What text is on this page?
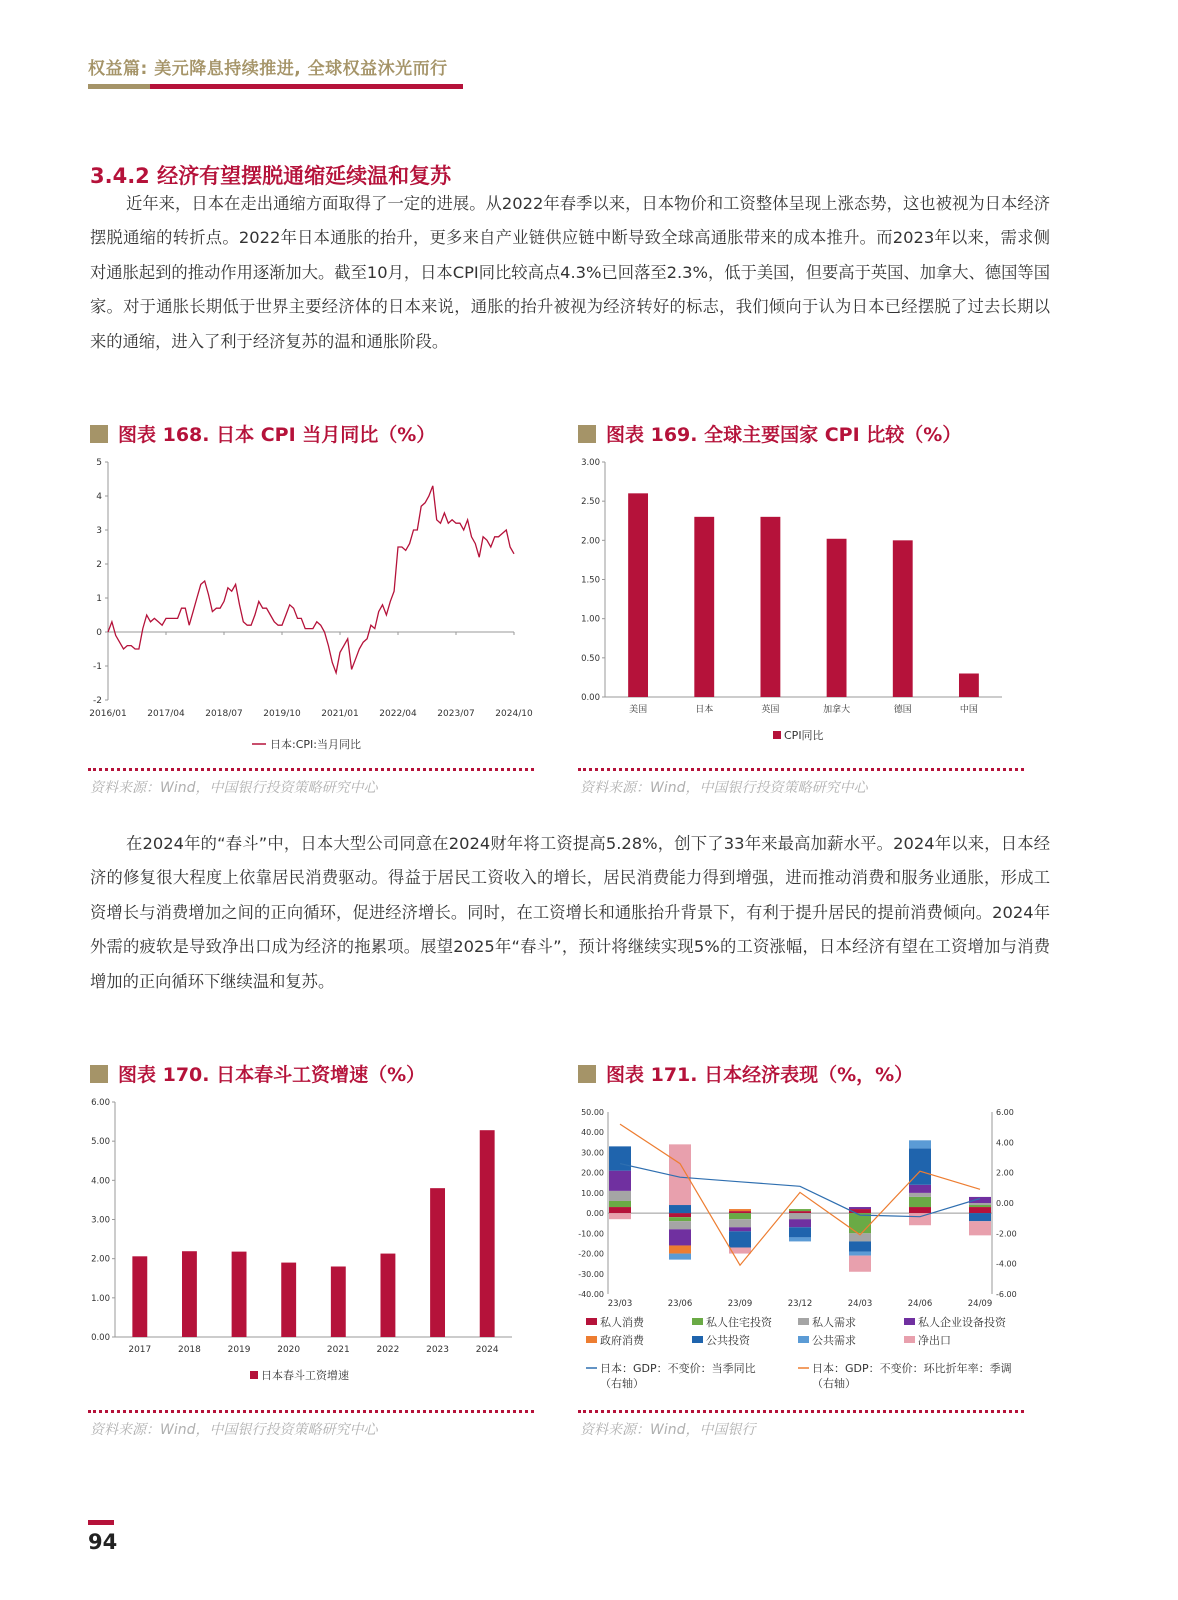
权益篇: 美元降息持续推进, 全球权益沐光而行
3.4.2 经济有望摆脱通缩延续温和复苏

近年来，日本在走出通缩方面取得了一定的进展。从2022年春季以来，日本物价和工资整体呈现上涨态势，这也被视为日本经济摆脱通缩的转折点。2022年日本通胀的抬升，更多来自产业链供应链中断导致全球高通胀带来的成本推升。而2023年以来，需求侧对通胀起到的推动作用逐渐加大。截至10月，日本CPI同比较高点4.3%已回落至2.3%，低于美国，但要高于英国、加拿大、德国等国家。对于通胀长期低于世界主要经济体的日本来说，通胀的抬升被视为经济转好的标志，我们倾向于认为日本已经摆脱了过去长期以来的通缩，进入了利于经济复苏的温和通胀阶段。

图表 168. 日本 CPI 当月同比（%）
5
4
3
2
1
0
-1
-2
2016/01 2017/04 2018/07 2019/10 2021/01 2022/04 2023/07 2024/10
日本:CPI:当月同比
资料来源：Wind，中国银行投资策略研究中心
图表 169. 全球主要国家 CPI 比较（%）
3.00
2.50
2.00
1.50
1.00
0.50
0.00
美国	日本	英国	加拿大	德国	中国
CPI同比
资料来源：Wind，中国银行投资策略研究中心

在2024年的“春斗”中，日本大型公司同意在2024财年将工资提高5.28%，创下了33年来最高加薪水平。2024年以来，日本经济的修复很大程度上依靠居民消费驱动。得益于居民工资收入的增长，居民消费能力得到增强，进而推动消费和服务业通胀，形成工资增长与消费增加之间的正向循环，促进经济增长。同时，在工资增长和通胀抬升背景下，有利于提升居民的提前消费倾向。2024年外需的疲软是导致净出口成为经济的拖累项。展望2025年“春斗”，预计将继续实现5%的工资涨幅，日本经济有望在工资增加与消费增加的正向循环下继续温和复苏。

图表 170. 日本春斗工资增速（%）
6.00
5.00
4.00
3.00
2.00
1.00
0.00
2017	2018	2019	2020	2021	2022	2023	2024
日本春斗工资增速
资料来源：Wind，中国银行投资策略研究中心
图表 171. 日本经济表现（%，%）
50.00
40.00
30.00
20.00
10.00
0.00
-10.00
-20.00
-30.00
-40.00
6.00
4.00
2.00
0.00
-2.00
-4.00
-6.00
23/03	23/06	23/09	23/12	24/03	24/06	24/09
私人消费	私人住宅投资	私人需求	私人企业设备投资
政府消费	公共投资	公共需求	净出口
日本：GDP：不变价：当季同比（右轴）
日本：GDP：不变价：环比折年率：季调（右轴）
资料来源：Wind，中国银行
94
